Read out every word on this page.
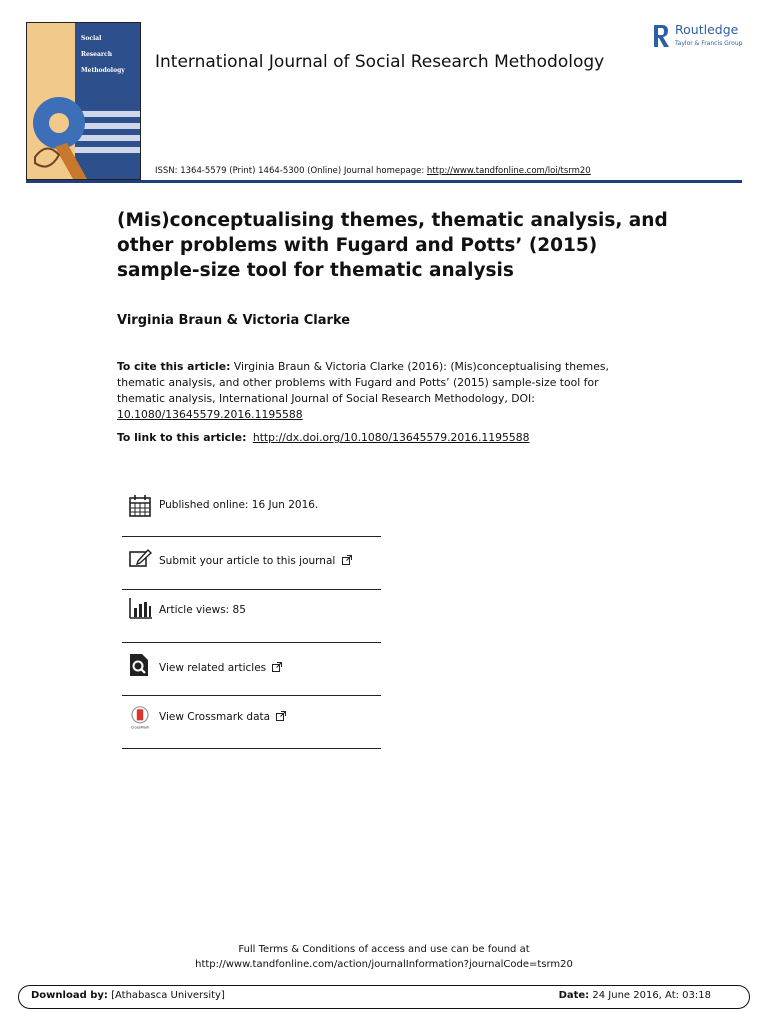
Social
Research
Methodology International Journal of Social Research Methodology
ISSN: 1364-5579 (Print) 1464-5300 (Online) Journal homepage: http://www.tandfonline.com/loi/tsrm20
Routledge
Taylor & Francis Group
(Mis)conceptualising themes, thematic analysis, and other problems with Fugard and Potts’ (2015) sample-size tool for thematic analysis
Virginia Braun & Victoria Clarke
To cite this article: Virginia Braun & Victoria Clarke (2016): (Mis)conceptualising themes, thematic analysis, and other problems with Fugard and Potts’ (2015) sample-size tool for thematic analysis, International Journal of Social Research Methodology, DOI: 10.1080/13645579.2016.1195588
To link to this article: http://dx.doi.org/10.1080/13645579.2016.1195588
Published online: 16 Jun 2016.
Submit your article to this journal
Article views: 85
View related articles
CrossMark
View Crossmark data
Full Terms & Conditions of access and use can be found at
http://www.tandfonline.com/action/journalInformation?journalCode=tsrm20
Download by: [Athabasca University]	Date: 24 June 2016, At: 03:18
